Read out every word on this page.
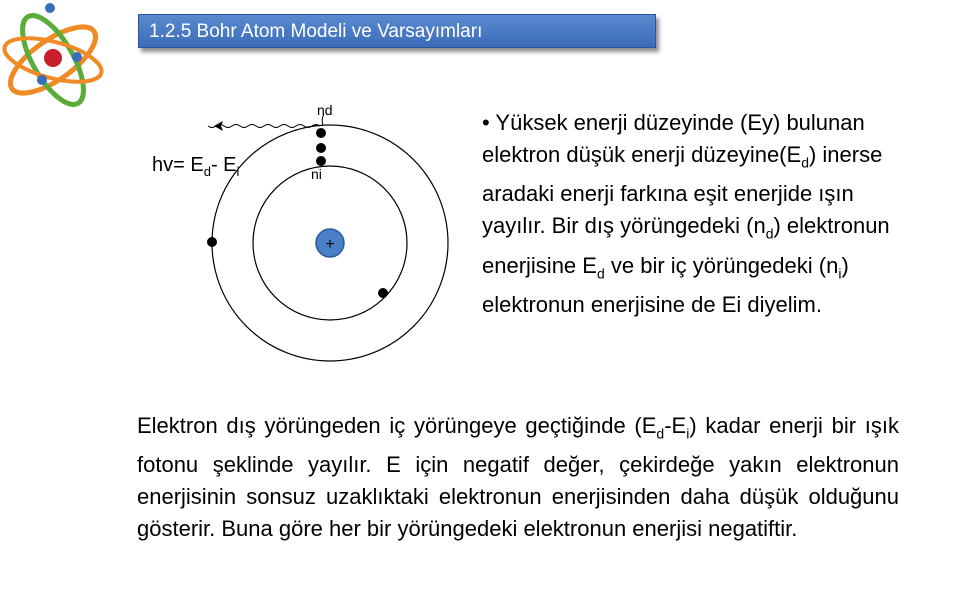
1.2.5 Bohr Atom Modeli ve Varsayımları
+
nd
ni
$hv= E_d-$ $E_i$
• Yüksek enerji düzeyinde (Ey) bulunan elektron düşük enerji $düzeyine(E_d)$ inerse aradaki enerji farkına eşit enerjide ışın yayılır. Bir dış yörüngedeki $(n_d)$ elektronun enerjisine $E_d$ ve bir iç yörüngedeki $(n_i)$ elektronun enerjisine de Ei diyelim.
Elektron dış yörüngeden iç yörüngeye geçtiğinde $(E_d-E_i)$ kadar enerji bir ışık fotonu şeklinde yayılır. E için negatif değer, çekirdeğe yakın elektronun enerjisinin sonsuz uzaklıktaki elektronun enerjisinden daha düşük olduğunu gösterir. Buna göre her bir yörüngedeki elektronun enerjisi negatiftir.
